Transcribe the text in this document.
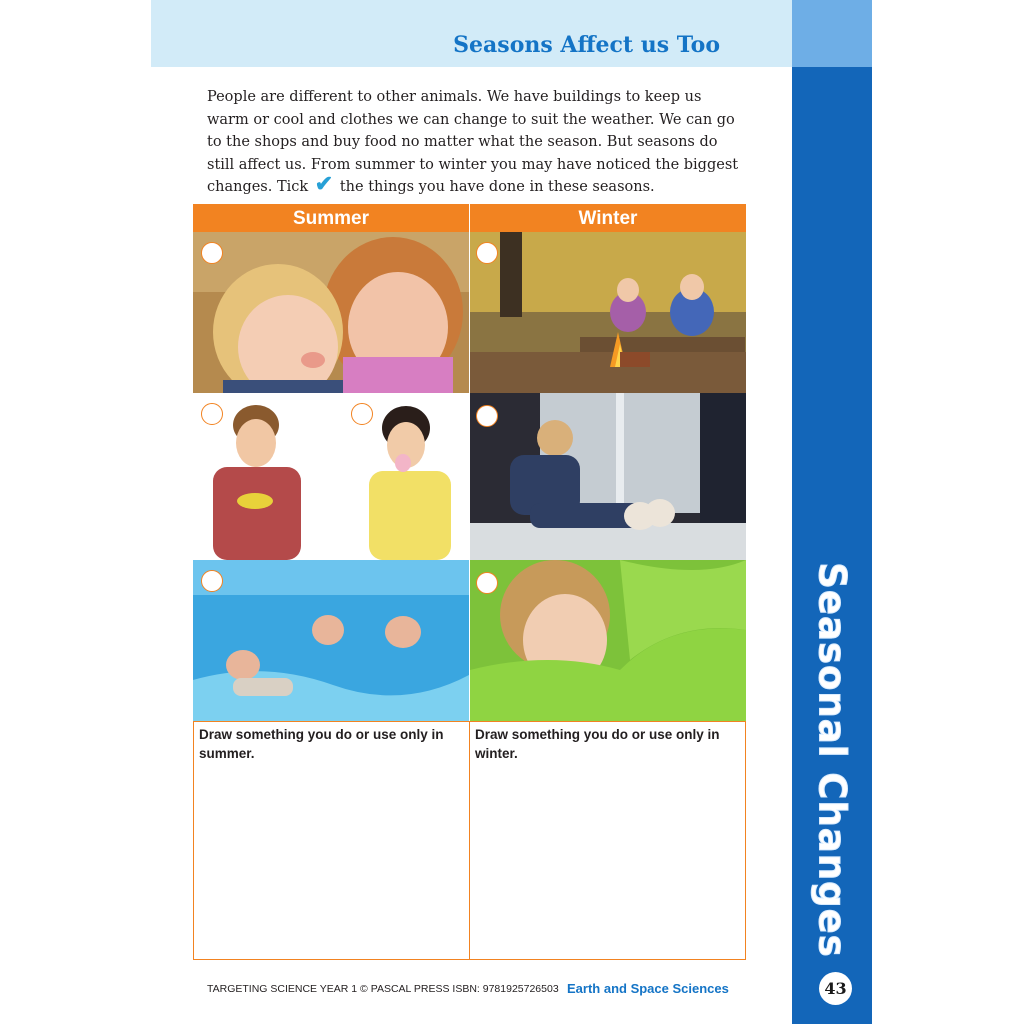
Seasons Affect us Too
Seasonal Changes
43

People are different to other animals. We have buildings to keep us warm or cool and clothes we can change to suit the weather. We can go to the shops and buy food no matter what the season. But seasons do still affect us. From summer to winter you may have noticed the biggest changes. Tick ✔ the things you have done in these seasons.

Summer	Winter
Draw something you do or use only in summer.
Draw something you do or use only in winter.
TARGETING SCIENCE YEAR 1 © PASCAL PRESS ISBN: 9781925726503 Earth and Space Sciences
